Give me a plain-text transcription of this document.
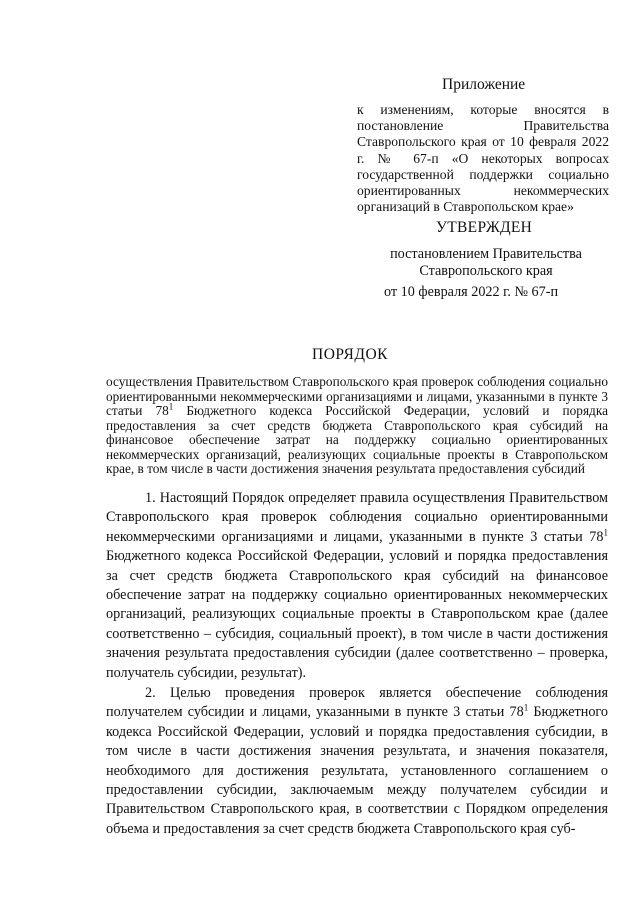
Приложение
к изменениям, которые вносятся в постановление Правительства Ставропольского края от 10 февраля 2022 г. № 67-п «О некоторых вопросах государственной поддержки социально ориентированных некоммерческих организаций в Ставропольском крае»
УТВЕРЖДЕН
постановлением Правительства Ставропольского края
от 10 февраля 2022 г. № 67-п
ПОРЯДОК
осуществления Правительством Ставропольского края проверок соблюдения социально ориентированными некоммерческими организациями и лицами, указанными в пункте 3 статьи $78^1$ Бюджетного кодекса Российской Федерации, условий и порядка предоставления за счет средств бюджета Ставропольского края субсидий на финансовое обеспечение затрат на поддержку социально ориентированных некоммерческих организаций, реализующих социальные проекты в Ставропольском крае, в том числе в части достижения значения результата предоставления субсидий

1. Настоящий Порядок определяет правила осуществления Правительством Ставропольского края проверок соблюдения социально ориентированными некоммерческими организациями и лицами, указанными в пункте 3 статьи $78^1$ Бюджетного кодекса Российской Федерации, условий и порядка предоставления за счет средств бюджета Ставропольского края субсидий на финансовое обеспечение затрат на поддержку социально ориентированных некоммерческих организаций, реализующих социальные проекты в Ставропольском крае (далее соответственно – субсидия, социальный проект), в том числе в части достижения значения результата предоставления субсидии (далее соответственно – проверка, получатель субсидии, результат).

2. Целью проведения проверок является обеспечение соблюдения получателем субсидии и лицами, указанными в пункте 3 статьи $78^1$ Бюджетного кодекса Российской Федерации, условий и порядка предоставления субсидии, в том числе в части достижения значения результата, и значения показателя, необходимого для достижения результата, установленного соглашением о предоставлении субсидии, заключаемым между получателем субсидии и Правительством Ставропольского края, в соответствии с Порядком определения объема и предоставления за счет средств бюджета Ставропольского края суб-
